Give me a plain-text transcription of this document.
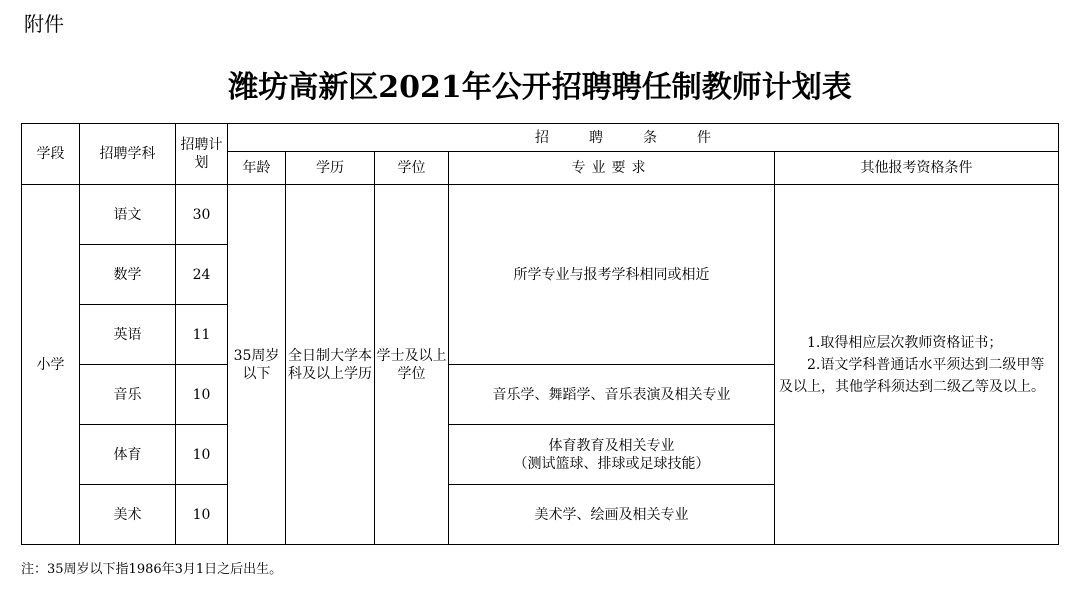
附件
潍坊高新区2021年公开招聘聘任制教师计划表
学段	招聘学科	招聘计划	招聘条件				
			年龄	学历	学位	专业要求	其他报考资格条件
小学	语文	30	35周岁以下	全日制大学本科及以上学历	学士及以上学位	所学专业与报考学科相同或相近	1.取得相应层次教师资格证书；

2.语文学科普通话水平须达到二级甲等及以上，其他学科须达到二级乙等及以上。

	数学	24					
	英语	11					
	音乐	10				音乐学、舞蹈学、音乐表演及相关专业	
	体育	10				体育教育及相关专业
（测试篮球、排球或足球技能）	

	美术	10				美术学、绘画及相关专业	
注：35周岁以下指1986年3月1日之后出生。
